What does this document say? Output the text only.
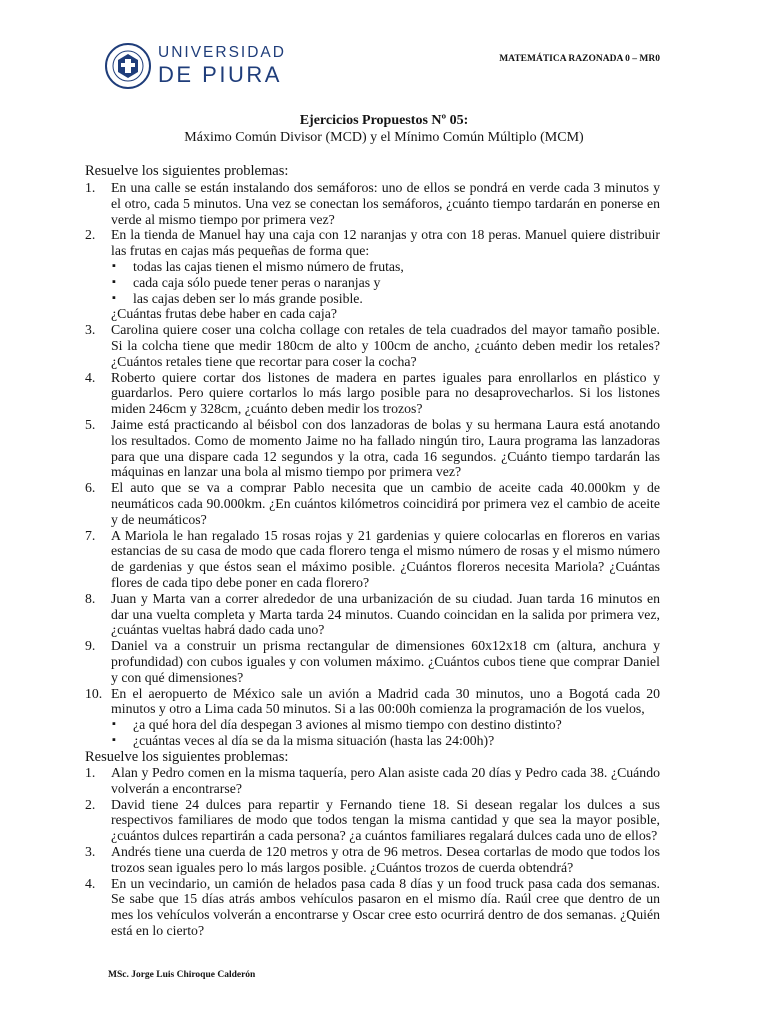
UNIVERSIDAD
DE PIURA
MATEMÁTICA RAZONADA 0 – MR0
Ejercicios Propuestos Nº 05:
Máximo Común Divisor (MCD) y el Mínimo Común Múltiplo (MCM)
Resuelve los siguientes problemas:
1. En una calle se están instalando dos semáforos: uno de ellos se pondrá en verde cada 3 minutos y el otro, cada 5 minutos. Una vez se conectan los semáforos, ¿cuánto tiempo tardarán en ponerse en verde al mismo tiempo por primera vez?
2. En la tienda de Manuel hay una caja con 12 naranjas y otra con 18 peras. Manuel quiere distribuir las frutas en cajas más pequeñas de forma que:
▪ todas las cajas tienen el mismo número de frutas,
▪ cada caja sólo puede tener peras o naranjas y
▪ las cajas deben ser lo más grande posible.
¿Cuántas frutas debe haber en cada caja?
3. Carolina quiere coser una colcha collage con retales de tela cuadrados del mayor tamaño posible. Si la colcha tiene que medir 180cm de alto y 100cm de ancho, ¿cuánto deben medir los retales? ¿Cuántos retales tiene que recortar para coser la cocha?
4. Roberto quiere cortar dos listones de madera en partes iguales para enrollarlos en plástico y guardarlos. Pero quiere cortarlos lo más largo posible para no desaprovecharlos. Si los listones miden 246cm y 328cm, ¿cuánto deben medir los trozos?
5. Jaime está practicando al béisbol con dos lanzadoras de bolas y su hermana Laura está anotando los resultados. Como de momento Jaime no ha fallado ningún tiro, Laura programa las lanzadoras para que una dispare cada 12 segundos y la otra, cada 16 segundos. ¿Cuánto tiempo tardarán las máquinas en lanzar una bola al mismo tiempo por primera vez?
6. El auto que se va a comprar Pablo necesita que un cambio de aceite cada 40.000km y de neumáticos cada 90.000km. ¿En cuántos kilómetros coincidirá por primera vez el cambio de aceite y de neumáticos?
7. A Mariola le han regalado 15 rosas rojas y 21 gardenias y quiere colocarlas en floreros en varias estancias de su casa de modo que cada florero tenga el mismo número de rosas y el mismo número de gardenias y que éstos sean el máximo posible. ¿Cuántos floreros necesita Mariola? ¿Cuántas flores de cada tipo debe poner en cada florero?
8. Juan y Marta van a correr alrededor de una urbanización de su ciudad. Juan tarda 16 minutos en dar una vuelta completa y Marta tarda 24 minutos. Cuando coincidan en la salida por primera vez, ¿cuántas vueltas habrá dado cada uno?
9. Daniel va a construir un prisma rectangular de dimensiones 60x12x18 cm (altura, anchura y profundidad) con cubos iguales y con volumen máximo. ¿Cuántos cubos tiene que comprar Daniel y con qué dimensiones?
10. En el aeropuerto de México sale un avión a Madrid cada 30 minutos, uno a Bogotá cada 20 minutos y otro a Lima cada 50 minutos. Si a las 00:00h comienza la programación de los vuelos,
▪ ¿a qué hora del día despegan 3 aviones al mismo tiempo con destino distinto?
▪ ¿cuántas veces al día se da la misma situación (hasta las 24:00h)?
Resuelve los siguientes problemas:
1. Alan y Pedro comen en la misma taquería, pero Alan asiste cada 20 días y Pedro cada 38. ¿Cuándo volverán a encontrarse?
2. David tiene 24 dulces para repartir y Fernando tiene 18. Si desean regalar los dulces a sus respectivos familiares de modo que todos tengan la misma cantidad y que sea la mayor posible, ¿cuántos dulces repartirán a cada persona? ¿a cuántos familiares regalará dulces cada uno de ellos?
3. Andrés tiene una cuerda de 120 metros y otra de 96 metros. Desea cortarlas de modo que todos los trozos sean iguales pero lo más largos posible. ¿Cuántos trozos de cuerda obtendrá?
4. En un vecindario, un camión de helados pasa cada 8 días y un food truck pasa cada dos semanas. Se sabe que 15 días atrás ambos vehículos pasaron en el mismo día. Raúl cree que dentro de un mes los vehículos volverán a encontrarse y Oscar cree esto ocurrirá dentro de dos semanas. ¿Quién está en lo cierto?
MSc. Jorge Luis Chiroque Calderón
